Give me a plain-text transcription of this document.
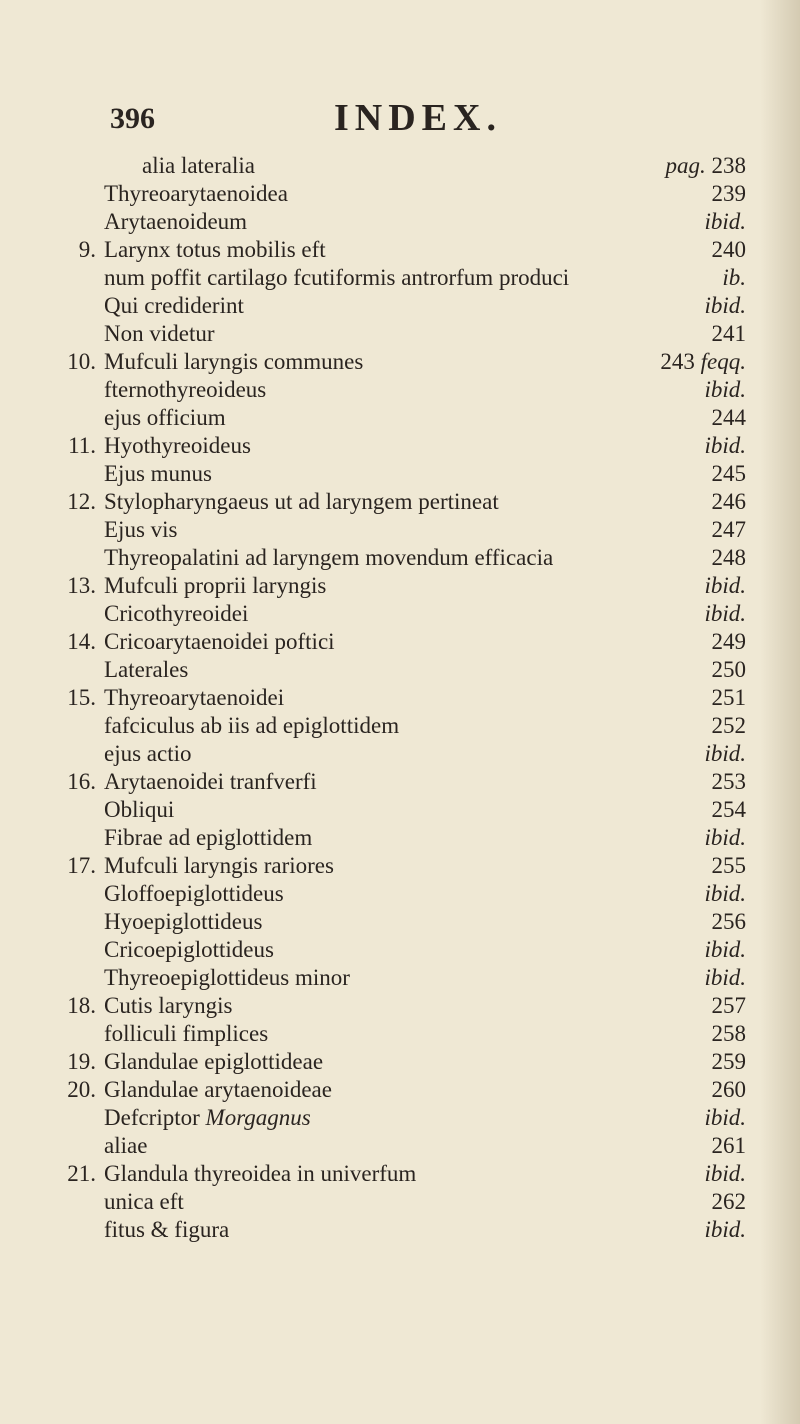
396	INDEX.
alia lateralia	pag. 238
Thyreoarytaenoidea	239
Arytaenoideum	ibid.
9. Larynx totus mobilis eft	240
num poffit cartilago fcutiformis antrorfum produci	ib.
Qui crediderint	ibid.
Non videtur	241
10. Mufculi laryngis communes	243 feqq.
fternothyreoideus	ibid.
ejus officium	244
11. Hyothyreoideus	ibid.
Ejus munus	245
12. Stylopharyngaeus ut ad laryngem pertineat	246
Ejus vis	247
Thyreopalatini ad laryngem movendum efficacia	248
13. Mufculi proprii laryngis	ibid.
Cricothyreoidei	ibid.
14. Cricoarytaenoidei poftici	249
Laterales	250
15. Thyreoarytaenoidei	251
fafciculus ab iis ad epiglottidem	252
ejus actio	ibid.
16. Arytaenoidei tranfverfi	253
Obliqui	254
Fibrae ad epiglottidem	ibid.
17. Mufculi laryngis rariores	255
Gloffoepiglottideus	ibid.
Hyoepiglottideus	256
Cricoepiglottideus	ibid.
Thyreoepiglottideus minor	ibid.
18. Cutis laryngis	257
folliculi fimplices	258
19. Glandulae epiglottideae	259
20. Glandulae arytaenoideae	260
Defcriptor Morgagnus	ibid.
aliae	261
21. Glandula thyreoidea in univerfum	ibid.
unica eft	262
fitus & figura	ibid.
